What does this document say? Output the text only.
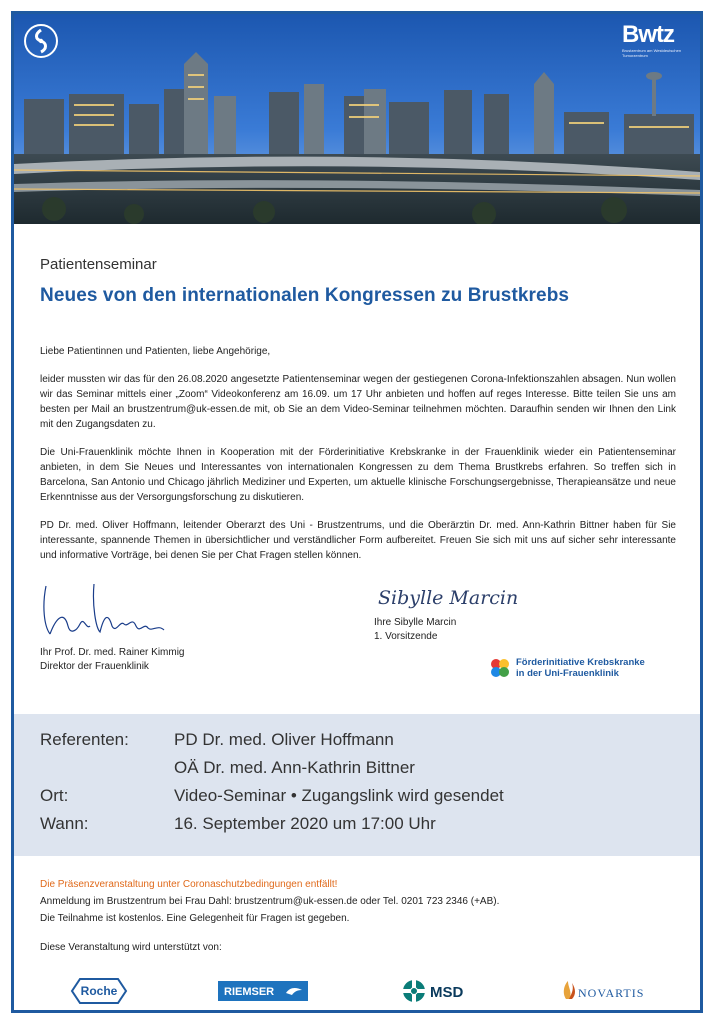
Bwtz
Brustzentrum am Westdeutschen Tumorzentrum
Patientenseminar
Neues von den internationalen Kongressen zu Brustkrebs

Liebe Patientinnen und Patienten, liebe Angehörige,

leider mussten wir das für den 26.08.2020 angesetzte Patientenseminar wegen der gestiegenen Corona-Infektionszahlen absagen. Nun wollen wir das Seminar mittels einer „Zoom“ Videokonferenz am 16.09. um 17 Uhr anbieten und hoffen auf reges Interesse. Bitte teilen Sie uns am besten per Mail an brustzentrum@uk-essen.de mit, ob Sie an dem Video-Seminar teilnehmen möchten. Daraufhin senden wir Ihnen den Link mit den Zugangsdaten zu.

Die Uni-Frauenklinik möchte Ihnen in Kooperation mit der Förderinitiative Krebskranke in der Frauenklinik wieder ein Patientenseminar anbieten, in dem Sie Neues und Interessantes von internationalen Kongressen zu dem Thema Brustkrebs erfahren. So treffen sich in Barcelona, San Antonio und Chicago jährlich Mediziner und Experten, um aktuelle klinische Forschungsergebnisse, Therapieansätze und neue Erkenntnisse aus der Versorgungsforschung zu diskutieren.

PD Dr. med. Oliver Hoffmann, leitender Oberarzt des Uni - Brustzentrums, und die Oberärztin Dr. med. Ann-Kathrin Bittner haben für Sie interessante, spannende Themen in übersichtlicher und verständlicher Form aufbereitet. Freuen Sie sich mit uns auf sicher sehr interessante und informative Vorträge, bei denen Sie per Chat Fragen stellen können.

Ihr Prof. Dr. med. Rainer Kimmig
Direktor der Frauenklinik
Sibylle Marcin
Ihre Sibylle Marcin
1. Vorsitzende
Förderinitiative Krebskranke
in der Uni-Frauenklinik
Referenten:	PD Dr. med. Oliver Hoffmann
OÄ Dr. med. Ann-Kathrin Bittner
Ort:	Video-Seminar • Zugangslink wird gesendet
Wann:	16. September 2020 um 17:00 Uhr
Die Präsenzveranstaltung unter Coronaschutzbedingungen entfällt!
Anmeldung im Brustzentrum bei Frau Dahl: brustzentrum@uk-essen.de oder Tel. 0201 723 2346 (+AB).
Die Teilnahme ist kostenlos. Eine Gelegenheit für Fragen ist gegeben.
Diese Veranstaltung wird unterstützt von:
Roche	RIEMSER	MSD	NOVARTIS
